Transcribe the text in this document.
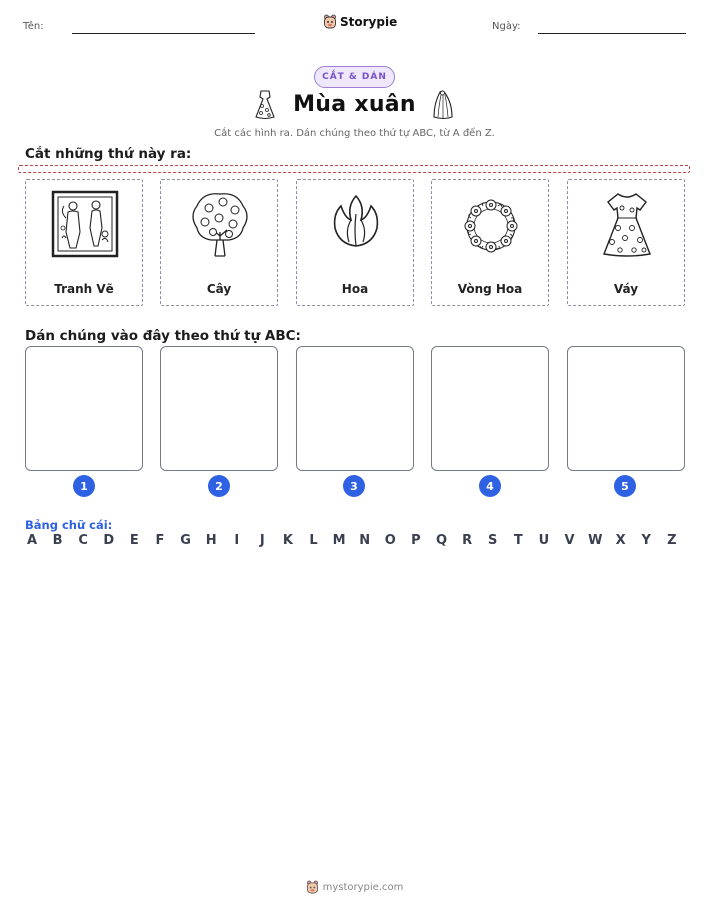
Tên:	Storypie	Ngày:
CẮT & DÁN
Mùa xuân
Cắt các hình ra. Dán chúng theo thứ tự ABC, từ A đến Z.
Cắt những thứ này ra:
Tranh Vẽ	Cây	Hoa	Vòng Hoa	Váy
Dán chúng vào đây theo thứ tự ABC:
1	2	3	4	5
Bảng chữ cái:
A B C D E F G H	I	J	K L M N O P Q R S T U V W X Y Z
mystorypie.com
